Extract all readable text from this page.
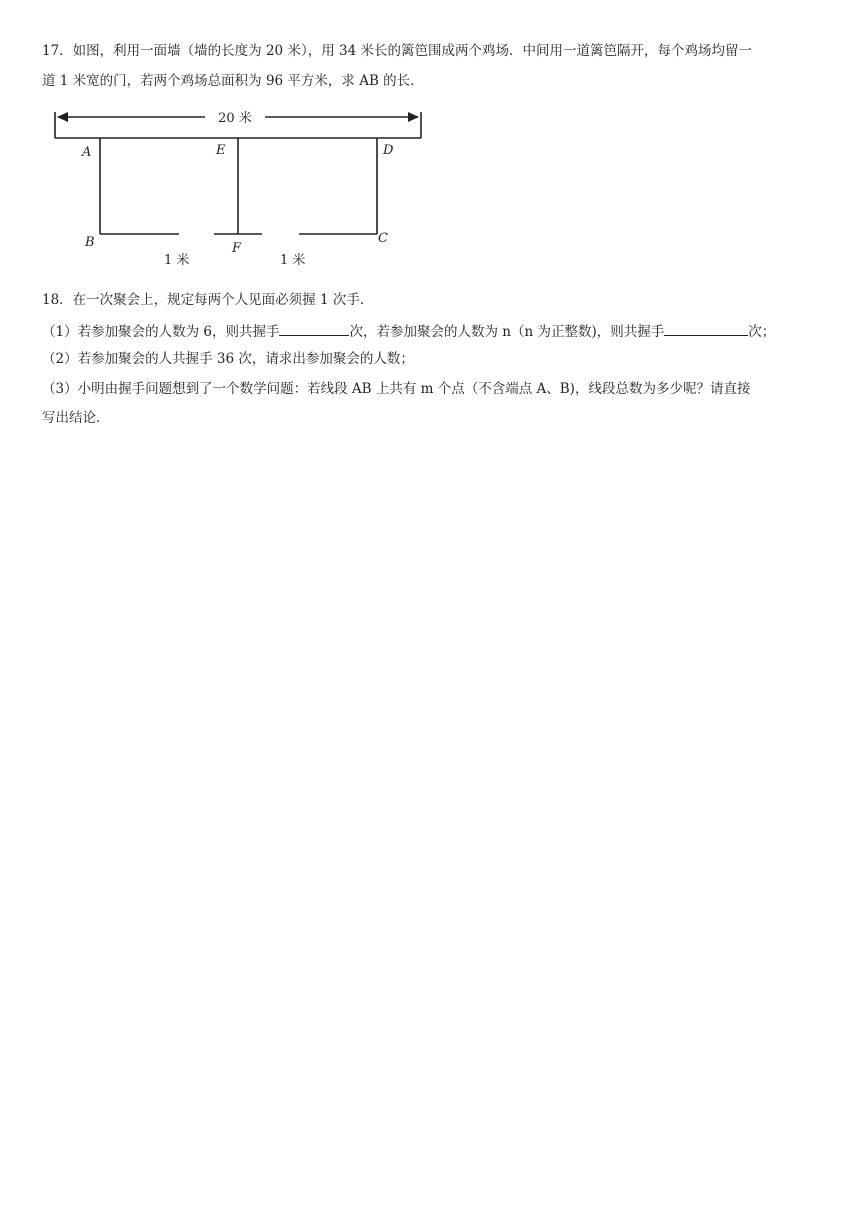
17．如图，利用一面墙（墙的长度为 20 米），用 34 米长的篱笆围成两个鸡场．中间用一道篱笆隔开，每个鸡场均留一
道 1 米宽的门，若两个鸡场总面积为 96 平方米，求 AB 的长．
20 米
A	E	D
B	F
C
1 米	1 米
18．在一次聚会上，规定每两个人见面必须握 1 次手．
（1）若参加聚会的人数为 6，则共握手	次，若参加聚会的人数为 n（n 为正整数)，则共握手	次；
（2）若参加聚会的人共握手 36 次，请求出参加聚会的人数；
（3）小明由握手问题想到了一个数学问题：若线段 AB 上共有 m 个点（不含端点 A、B)，线段总数为多少呢？请直接
写出结论．
